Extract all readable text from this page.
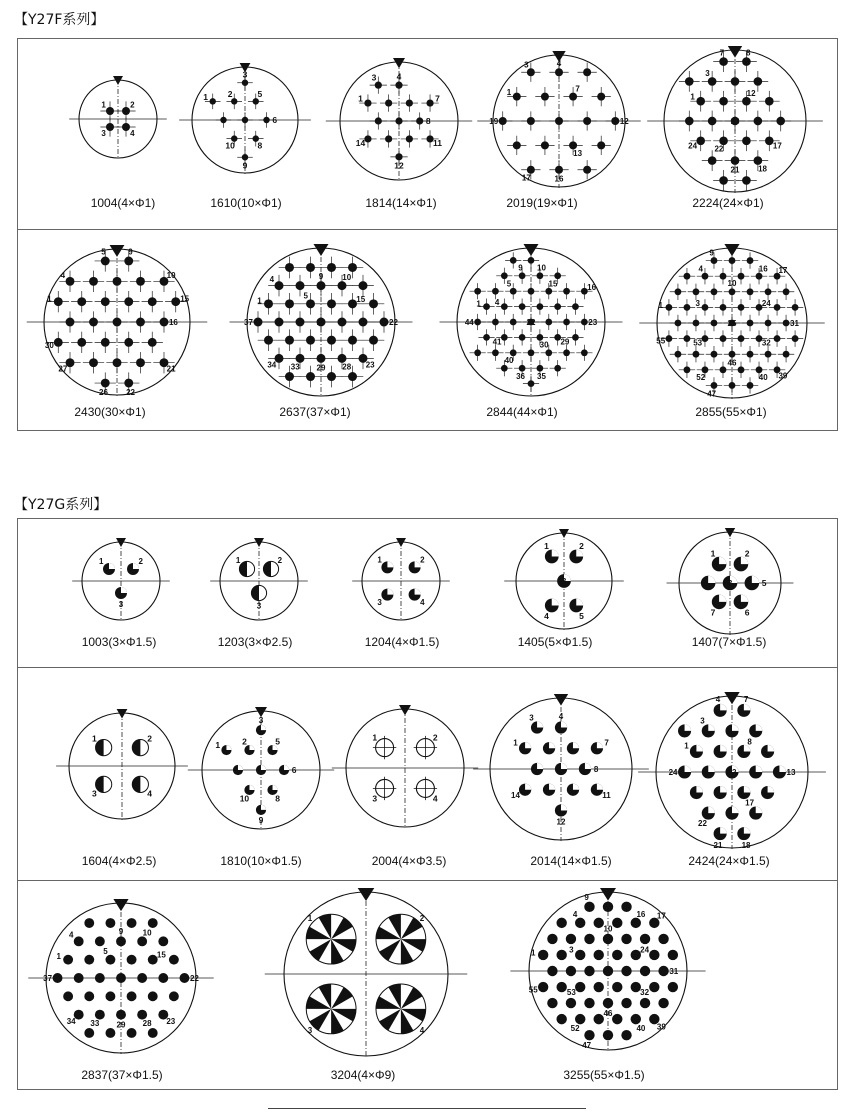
【Y27F系列】
1	2
3	4
1004(4×Φ1)
1 2
3
5
6
8
9
10
1610(10×Φ1)
1
3 4
7
8
11
12
14
1814(14×Φ1)
1
3	4
7
8	12
13
16
17
19
2019(19×Φ1)
1
3
7	8
12
13
17
18
21
22
24
2224(24×Φ1)
1
4
5	9
10
15
16
21
22
26
27
30
2430(30×Φ1)
1
4
5
9 10
15
16	22
23
28
29
33
34
37
2637(37×Φ1)
1 4
5
9 10
15	16
22	23
29
30
35
36
40
41
44
2844(44×Φ1)
1	3
4
9
10
16 17
24
25	31
32
39
40
46
47
52
53
55
2855(55×Φ1)
【Y27G系列】
1	2
3
1003(3×Φ1.5)
1	2
3
1203(3×Φ2.5)
1	2
3	4
1204(4×Φ1.5)
1	2
3
4	5
1405(5×Φ1.5)
1	2
3	5
6
7
1407(7×Φ1.5)
1	2
3	4
1604(4×Φ2.5)
1	2
3
5
6
8
9
10
1810(10×Φ1.5)
1	2
3	4
2004(4×Φ3.5)
1
3	4
7
8
11
12
14
2014(14×Φ1.5)
1
3
4	7
8
12	13
17
18
21
22
24
2424(24×Φ1.5)
1
4
5
9 10
15
16	22
23
28
29
33
34
37
2837(37×Φ1.5)
1	2
3	4
3204(4×Φ9)
1	3
4
9
10
16 17
24
25	31
32
39
40
46
47
52
53
55
3255(55×Φ1.5)
